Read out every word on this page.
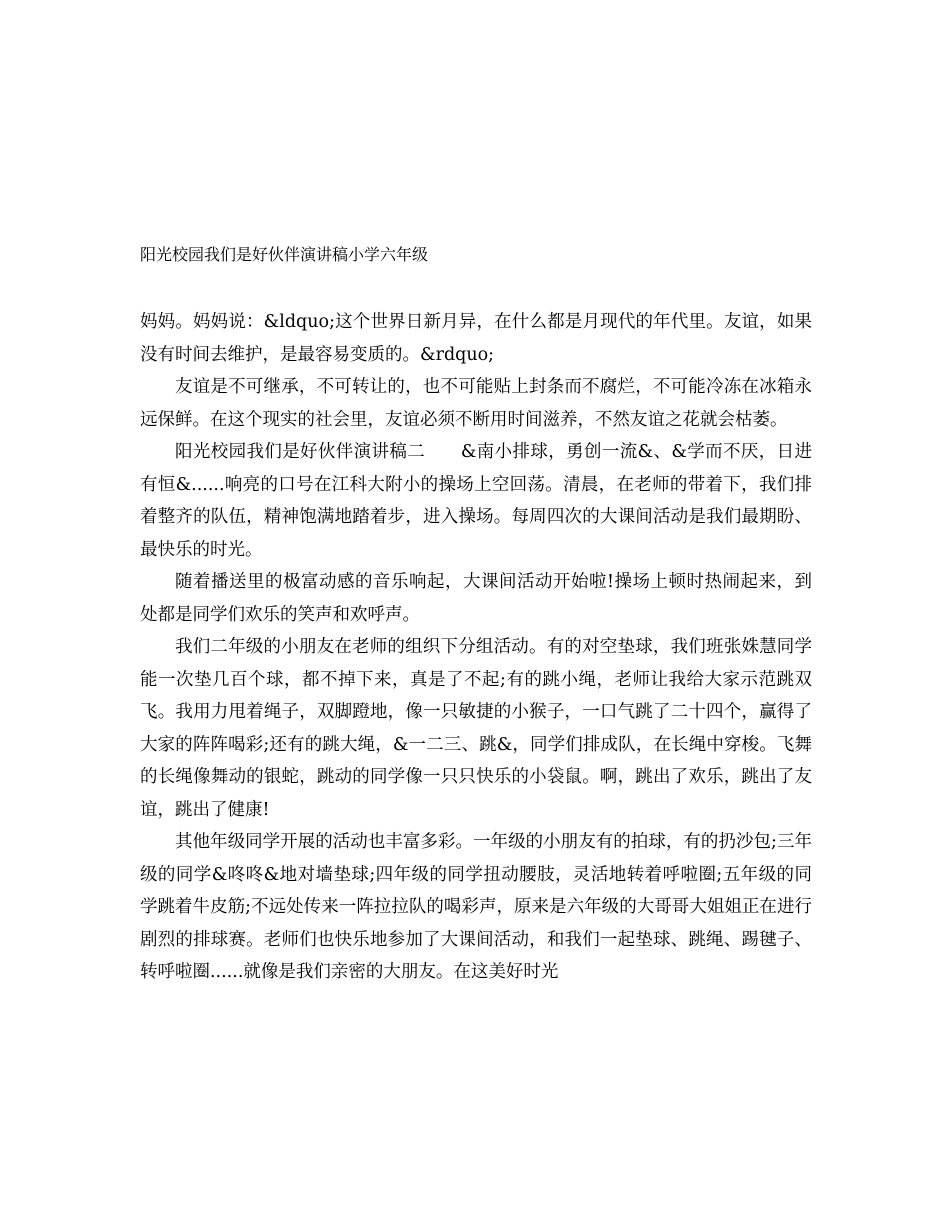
阳光校园我们是好伙伴演讲稿小学六年级

妈妈。妈妈说：&ldquo;这个世界日新月异，在什么都是月现代的年代里。友谊，如果没有时间去维护，是最容易变质的。&rdquo;

友谊是不可继承，不可转让的，也不可能贴上封条而不腐烂，不可能冷冻在冰箱永远保鲜。在这个现实的社会里，友谊必须不断用时间滋养，不然友谊之花就会枯萎。

阳光校园我们是好伙伴演讲稿二　　&南小排球，勇创一流&、&学而不厌，日进有恒&......响亮的口号在江科大附小的操场上空回荡。清晨，在老师的带着下，我们排着整齐的队伍，精神饱满地踏着步，进入操场。每周四次的大课间活动是我们最期盼、最快乐的时光。

随着播送里的极富动感的音乐响起，大课间活动开始啦!操场上顿时热闹起来，到处都是同学们欢乐的笑声和欢呼声。

我们二年级的小朋友在老师的组织下分组活动。有的对空垫球，我们班张姝慧同学能一次垫几百个球，都不掉下来，真是了不起;有的跳小绳，老师让我给大家示范跳双飞。我用力甩着绳子，双脚蹬地，像一只敏捷的小猴子，一口气跳了二十四个，赢得了大家的阵阵喝彩;还有的跳大绳，&一二三、跳&，同学们排成队，在长绳中穿梭。飞舞的长绳像舞动的银蛇，跳动的同学像一只只快乐的小袋鼠。啊，跳出了欢乐，跳出了友谊，跳出了健康!

其他年级同学开展的活动也丰富多彩。一年级的小朋友有的拍球，有的扔沙包;三年级的同学&咚咚&地对墙垫球;四年级的同学扭动腰肢，灵活地转着呼啦圈;五年级的同学跳着牛皮筋;不远处传来一阵拉拉队的喝彩声，原来是六年级的大哥哥大姐姐正在进行剧烈的排球赛。老师们也快乐地参加了大课间活动，和我们一起垫球、跳绳、踢毽子、转呼啦圈......就像是我们亲密的大朋友。在这美好时光
